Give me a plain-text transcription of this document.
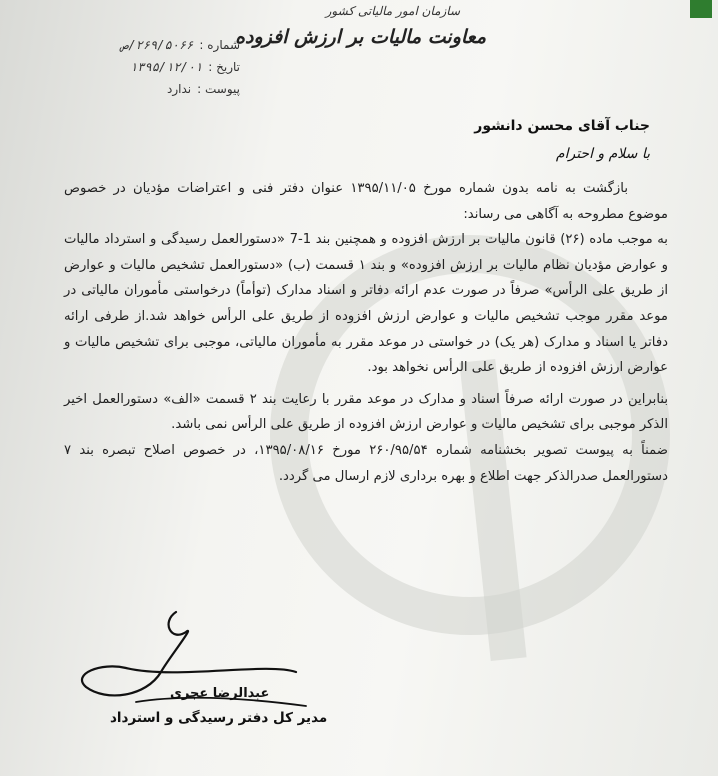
سازمان امور مالیاتی کشور
معاونت مالیات بر ارزش افزوده
شماره :
۲۶۹/۵۰۶۶/ص
تاریخ :
۱۳۹۵/۱۲/۰۱
پیوست :
ندارد
جناب آقای محسن دانشور
با سلام و احترام

بازگشت به نامه بدون شماره مورخ ۱۳۹۵/۱۱/۰۵ عنوان دفتر فنی و اعتراضات مؤدیان در خصوص موضوع مطروحه به آگاهی می رساند:

به موجب ماده (۲۶) قانون مالیات بر ارزش افزوده و همچنین بند 1-7 «دستورالعمل رسیدگی و استرداد مالیات و عوارض مؤدیان نظام مالیات بر ارزش افزوده» و بند ۱ قسمت (ب) «دستورالعمل تشخیص مالیات و عوارض از طریق علی الرأس» صرفاً در صورت عدم ارائه دفاتر و اسناد مدارک (توأماً) درخواستی مأموران مالیاتی در موعد مقرر موجب تشخیص مالیات و عوارض ارزش افزوده از طریق علی الرأس خواهد شد.از طرفی ارائه دفاتر یا اسناد و مدارک (هر یک) در خواستی در موعد مقرر به مأموران مالیاتی، موجبی برای تشخیص مالیات و عوارض ارزش افزوده از طریق علی الرأس نخواهد بود.

بنابراین در صورت ارائه صرفاً اسناد و مدارک در موعد مقرر با رعایت بند ۲ قسمت «الف» دستورالعمل اخیر الذکر موجبی برای تشخیص مالیات و عوارض ارزش افزوده از طریق علی الرأس نمی باشد.

ضمناً به پیوست تصویر بخشنامه شماره ۲۶۰/۹۵/۵۴ مورخ ۱۳۹۵/۰۸/۱۶، در خصوص اصلاح تبصره بند ۷ دستورالعمل صدرالذکر جهت اطلاع و بهره برداری لازم ارسال می گردد.

عبدالرضا عجری
مدیر کل دفتر رسیدگی و استرداد
